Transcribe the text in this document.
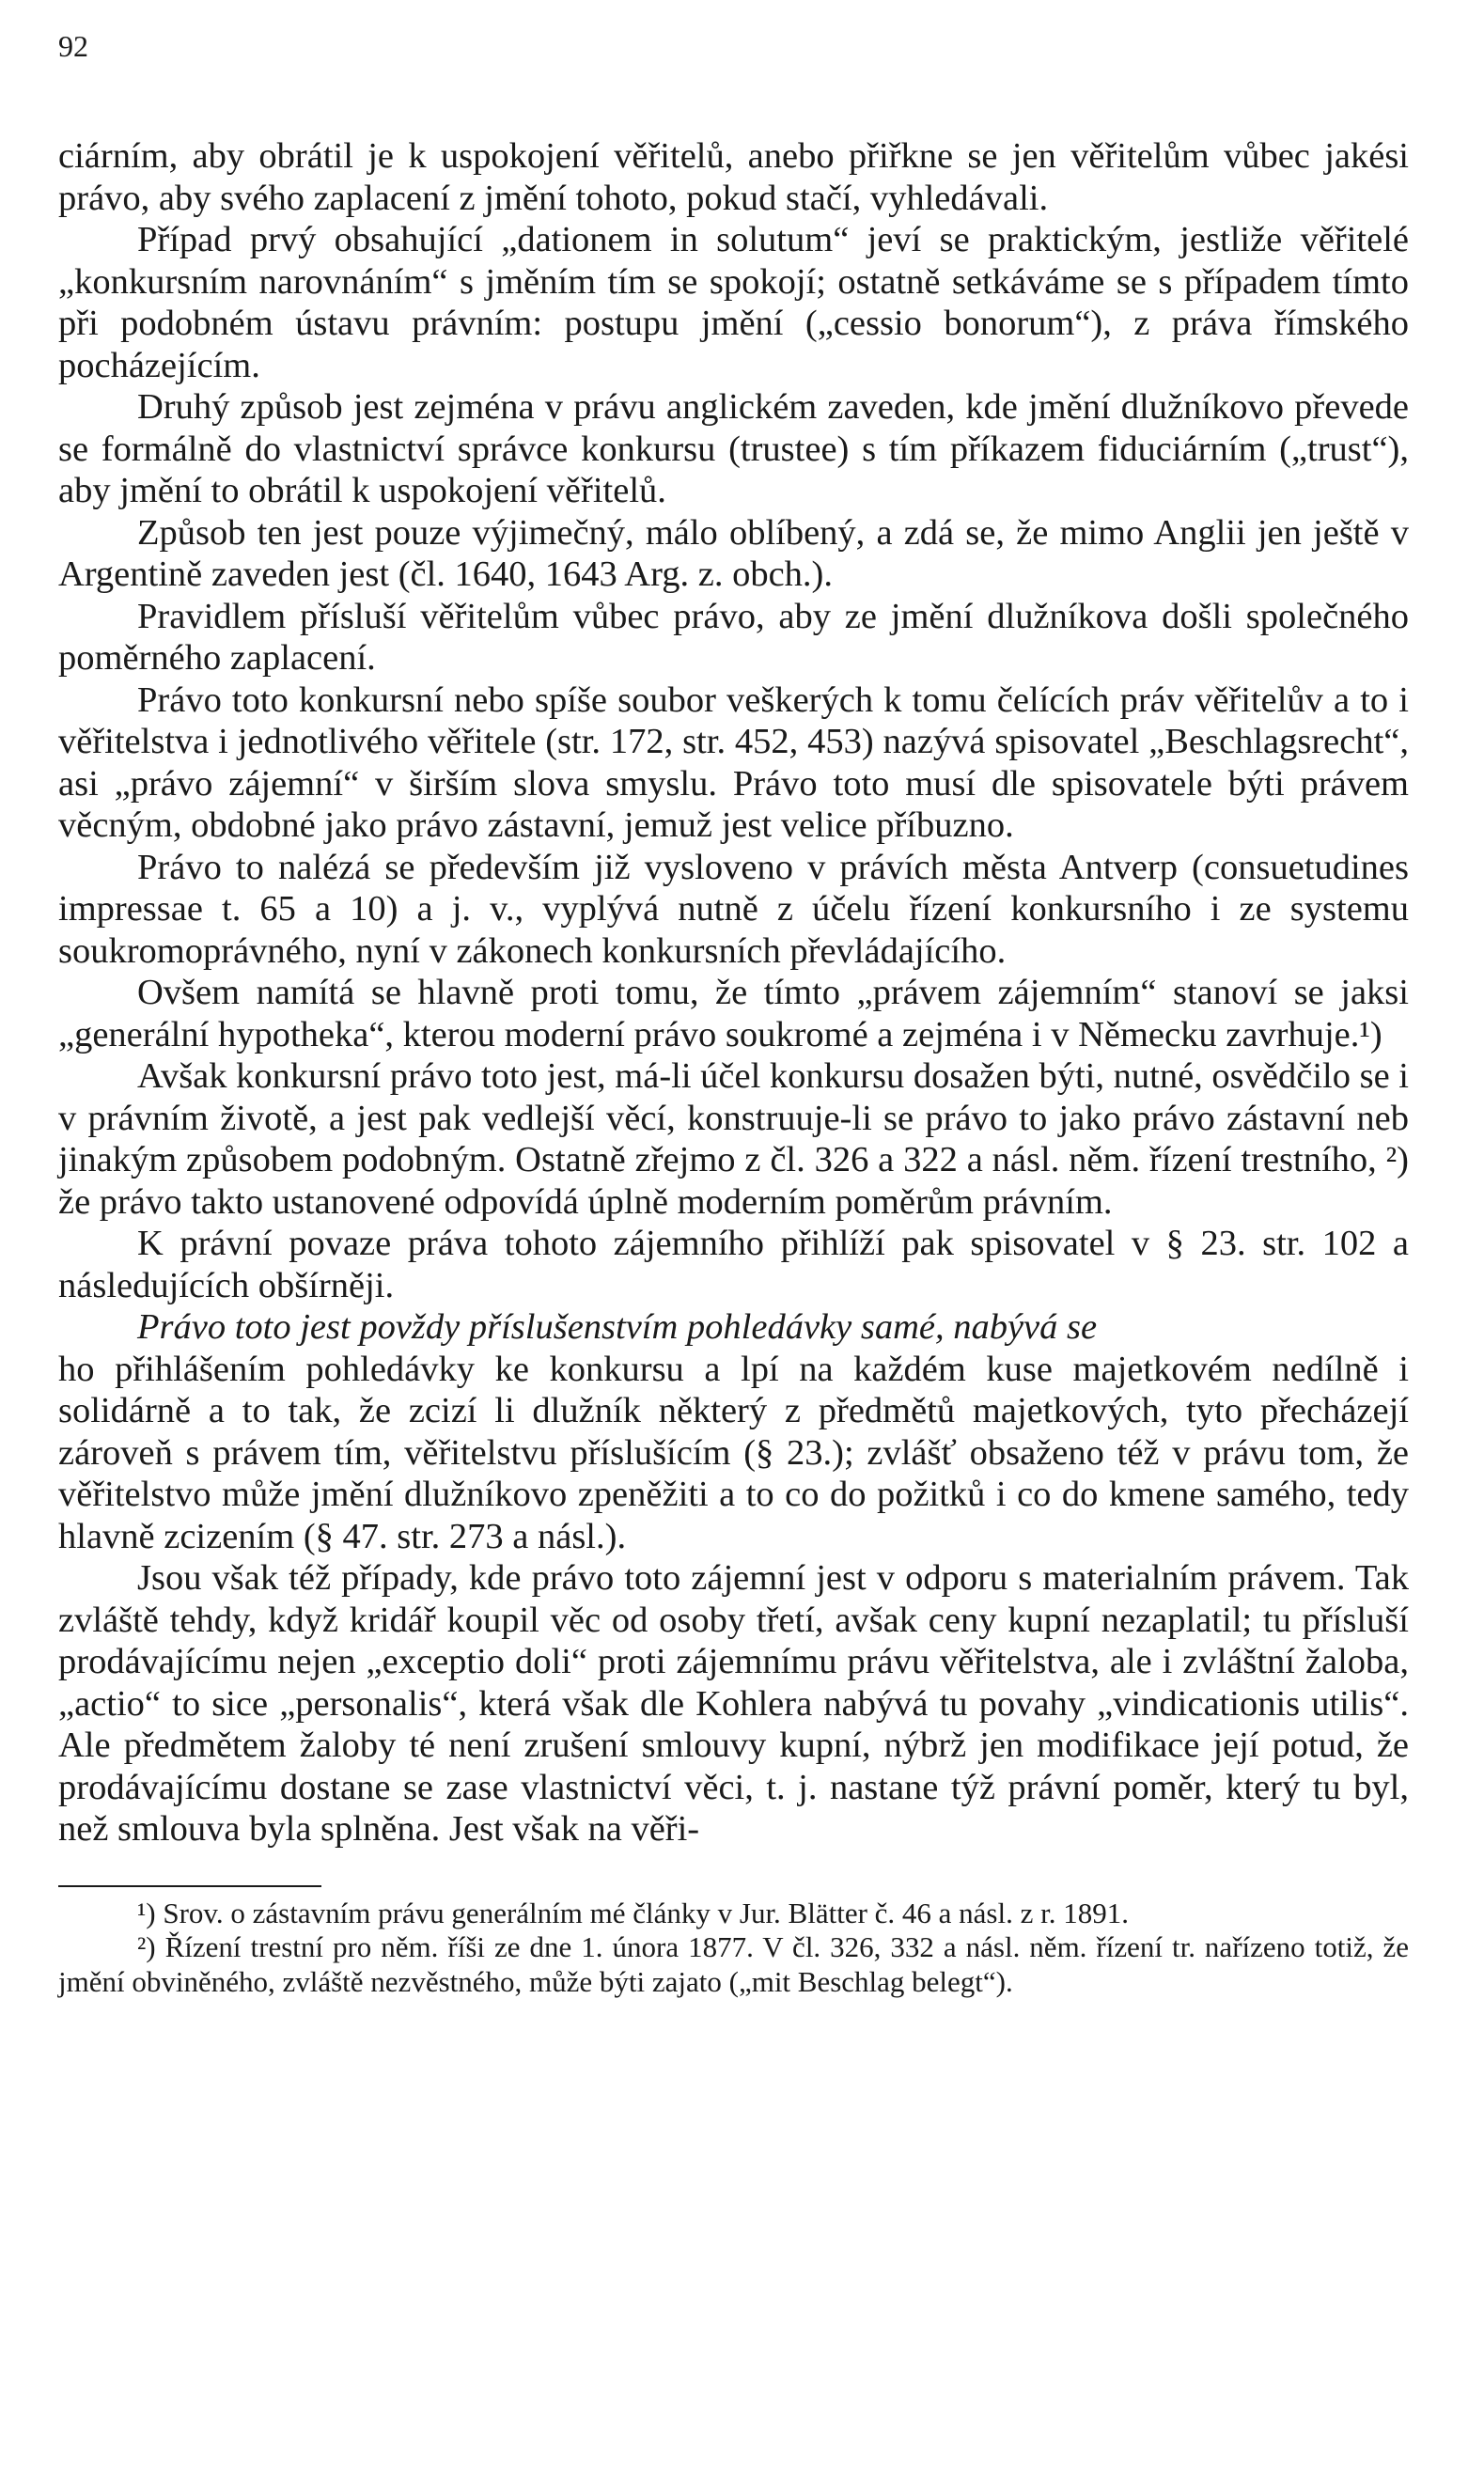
92

ciárním, aby obrátil je k uspokojení věřitelů, anebo přiřkne se jen věřitelům vůbec jakési právo, aby svého zaplacení z jmění tohoto, pokud stačí, vyhledávali.

Případ prvý obsahující „dationem in solutum“ jeví se praktickým, jestliže věřitelé „konkursním narovnáním“ s jměním tím se spokojí; ostatně setkáváme se s případem tímto při podobném ústavu právním: postupu jmění („cessio bonorum“), z práva římského pocházejícím.

Druhý způsob jest zejména v právu anglickém zaveden, kde jmění dlužníkovo převede se formálně do vlastnictví správce konkursu (trustee) s tím příkazem fiduciárním („trust“), aby jmění to obrátil k uspokojení věřitelů.

Způsob ten jest pouze výjimečný, málo oblíbený, a zdá se, že mimo Anglii jen ještě v Argentině zaveden jest (čl. 1640, 1643 Arg. z. obch.).

Pravidlem přísluší věřitelům vůbec právo, aby ze jmění dlužníkova došli společného poměrného zaplacení.

Právo toto konkursní nebo spíše soubor veškerých k tomu čelících práv věřitelův a to i věřitelstva i jednotlivého věřitele (str. 172, str. 452, 453) nazývá spisovatel „Beschlagsrecht“, asi „právo zájemní“ v širším slova smyslu. Právo toto musí dle spisovatele býti právem věcným, obdobné jako právo zástavní, jemuž jest velice příbuzno.

Právo to nalézá se především již vysloveno v právích města Antverp (consuetudines impressae t. 65 a 10) a j. v., vyplývá nutně z účelu řízení konkursního i ze systemu soukromoprávného, nyní v zákonech konkursních převládajícího.

Ovšem namítá se hlavně proti tomu, že tímto „právem zájemním“ stanoví se jaksi „generální hypotheka“, kterou moderní právo soukromé a zejména i v Německu zavrhuje.¹)

Avšak konkursní právo toto jest, má-li účel konkursu dosažen býti, nutné, osvědčilo se i v právním životě, a jest pak vedlejší věcí, konstruuje-li se právo to jako právo zástavní neb jinakým způsobem podobným. Ostatně zřejmo z čl. 326 a 322 a násl. něm. řízení trestního, ²) že právo takto ustanovené odpovídá úplně moderním poměrům právním.

K právní povaze práva tohoto zájemního přihlíží pak spisovatel v § 23. str. 102 a následujících obšírněji.

Právo toto jest povždy příslušenstvím pohledávky samé, nabývá se

ho přihlášením pohledávky ke konkursu a lpí na každém kuse majetkovém nedílně i solidárně a to tak, že zcizí li dlužník některý z předmětů majetkových, tyto přecházejí zároveň s právem tím, věřitelstvu příslušícím (§ 23.); zvlášť obsaženo též v právu tom, že věřitelstvo může jmění dlužníkovo zpeněžiti a to co do požitků i co do kmene samého, tedy hlavně zcizením (§ 47. str. 273 a násl.).

Jsou však též případy, kde právo toto zájemní jest v odporu s materialním právem. Tak zvláště tehdy, když kridář koupil věc od osoby třetí, avšak ceny kupní nezaplatil; tu přísluší prodávajícímu nejen „exceptio doli“ proti zájemnímu právu věřitelstva, ale i zvláštní žaloba, „actio“ to sice „personalis“, která však dle Kohlera nabývá tu povahy „vindicationis utilis“. Ale předmětem žaloby té není zrušení smlouvy kupní, nýbrž jen modifikace její potud, že prodávajícímu dostane se zase vlastnictví věci, t. j. nastane týž právní poměr, který tu byl, než smlouva byla splněna. Jest však na věři-

¹) Srov. o zástavním právu generálním mé články v Jur. Blätter č. 46 a násl. z r. 1891.

²) Řízení trestní pro něm. říši ze dne 1. února 1877. V čl. 326, 332 a násl. něm. řízení tr. nařízeno totiž, že jmění obviněného, zvláště nezvěstného, může býti zajato („mit Beschlag belegt“).
